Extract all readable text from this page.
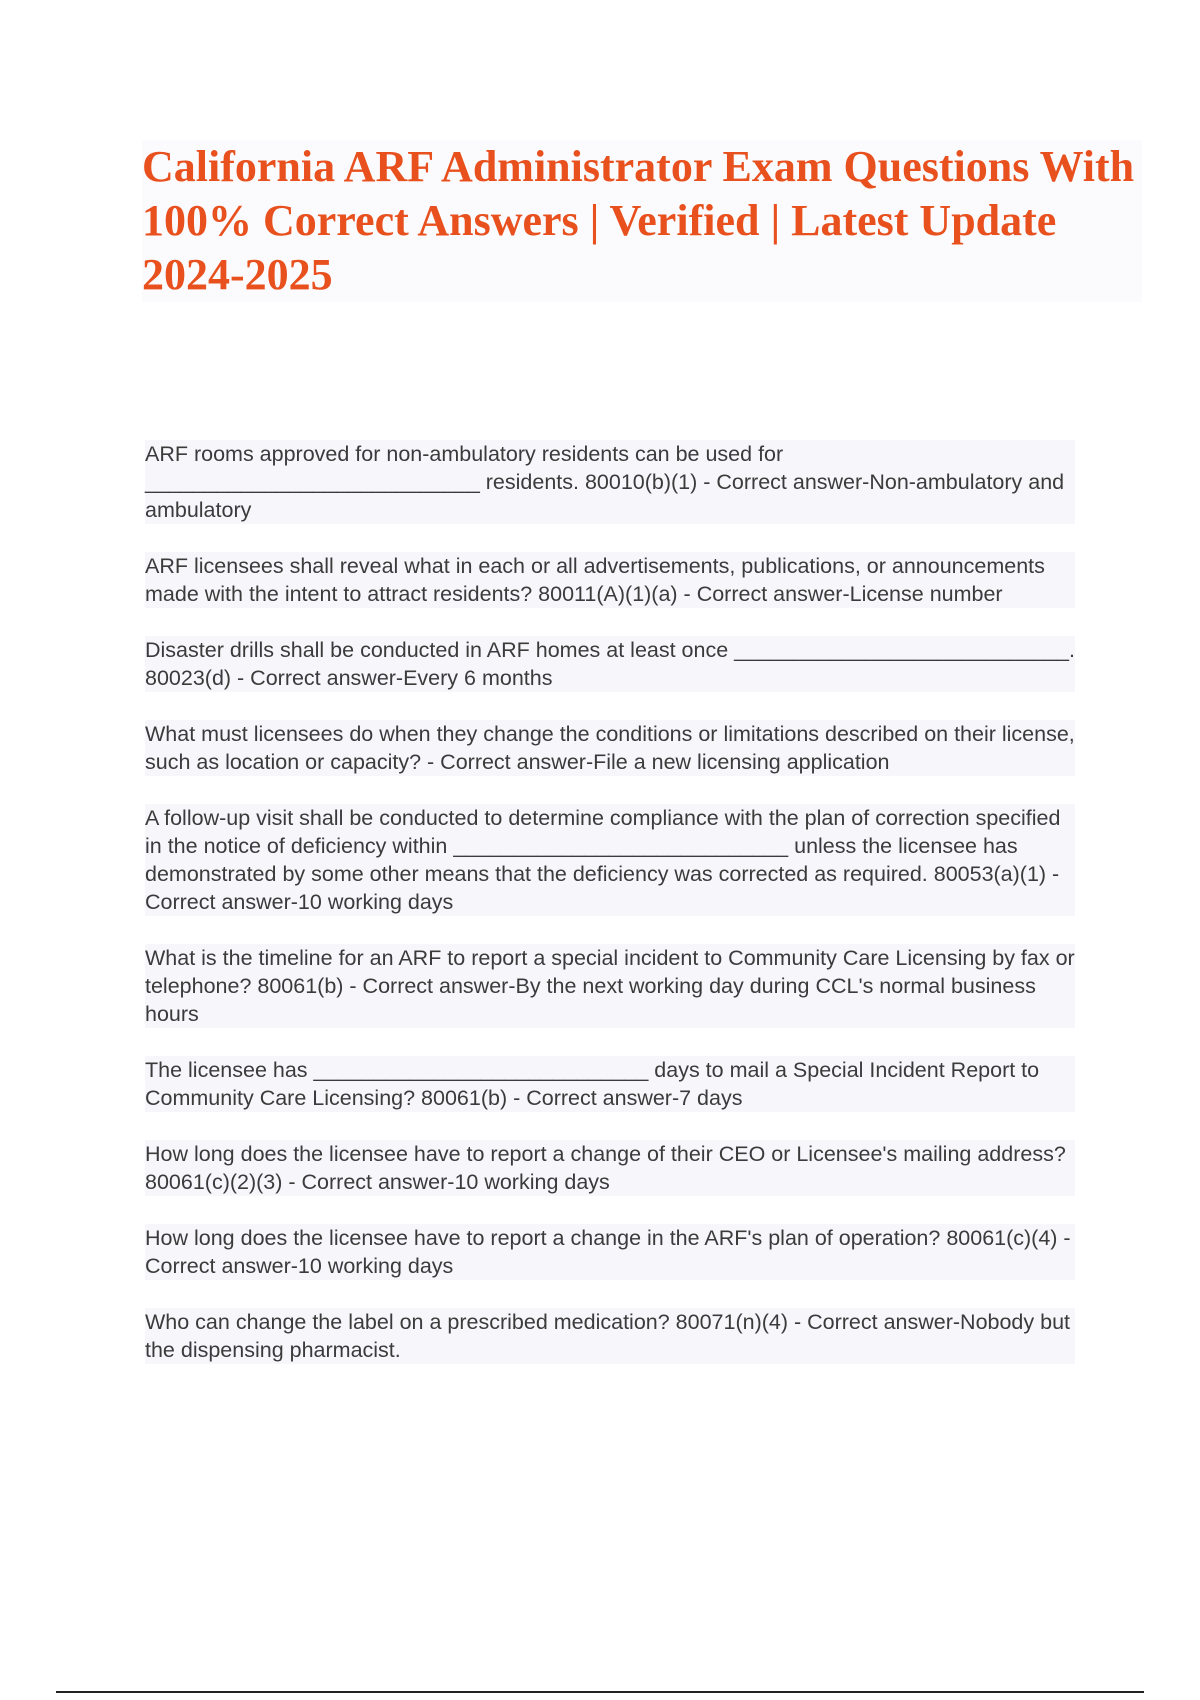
California ARF Administrator Exam Questions With 100% Correct Answers | Verified | Latest Update 2024-2025

ARF rooms approved for non-ambulatory residents can be used for ____________________________ residents. 80010(b)(1) - Correct answer-Non-ambulatory and ambulatory

ARF licensees shall reveal what in each or all advertisements, publications, or announcements made with the intent to attract residents? 80011(A)(1)(a) - Correct answer-License number

Disaster drills shall be conducted in ARF homes at least once ____________________________. 80023(d) - Correct answer-Every 6 months

What must licensees do when they change the conditions or limitations described on their license, such as location or capacity? - Correct answer-File a new licensing application

A follow-up visit shall be conducted to determine compliance with the plan of correction specified in the notice of deficiency within ____________________________ unless the licensee has demonstrated by some other means that the deficiency was corrected as required. 80053(a)(1) - Correct answer-10 working days

What is the timeline for an ARF to report a special incident to Community Care Licensing by fax or telephone? 80061(b) - Correct answer-By the next working day during CCL's normal business hours

The licensee has ____________________________ days to mail a Special Incident Report to Community Care Licensing? 80061(b) - Correct answer-7 days

How long does the licensee have to report a change of their CEO or Licensee's mailing address? 80061(c)(2)(3) - Correct answer-10 working days

How long does the licensee have to report a change in the ARF's plan of operation? 80061(c)(4) - Correct answer-10 working days

Who can change the label on a prescribed medication? 80071(n)(4) - Correct answer-Nobody but the dispensing pharmacist.
